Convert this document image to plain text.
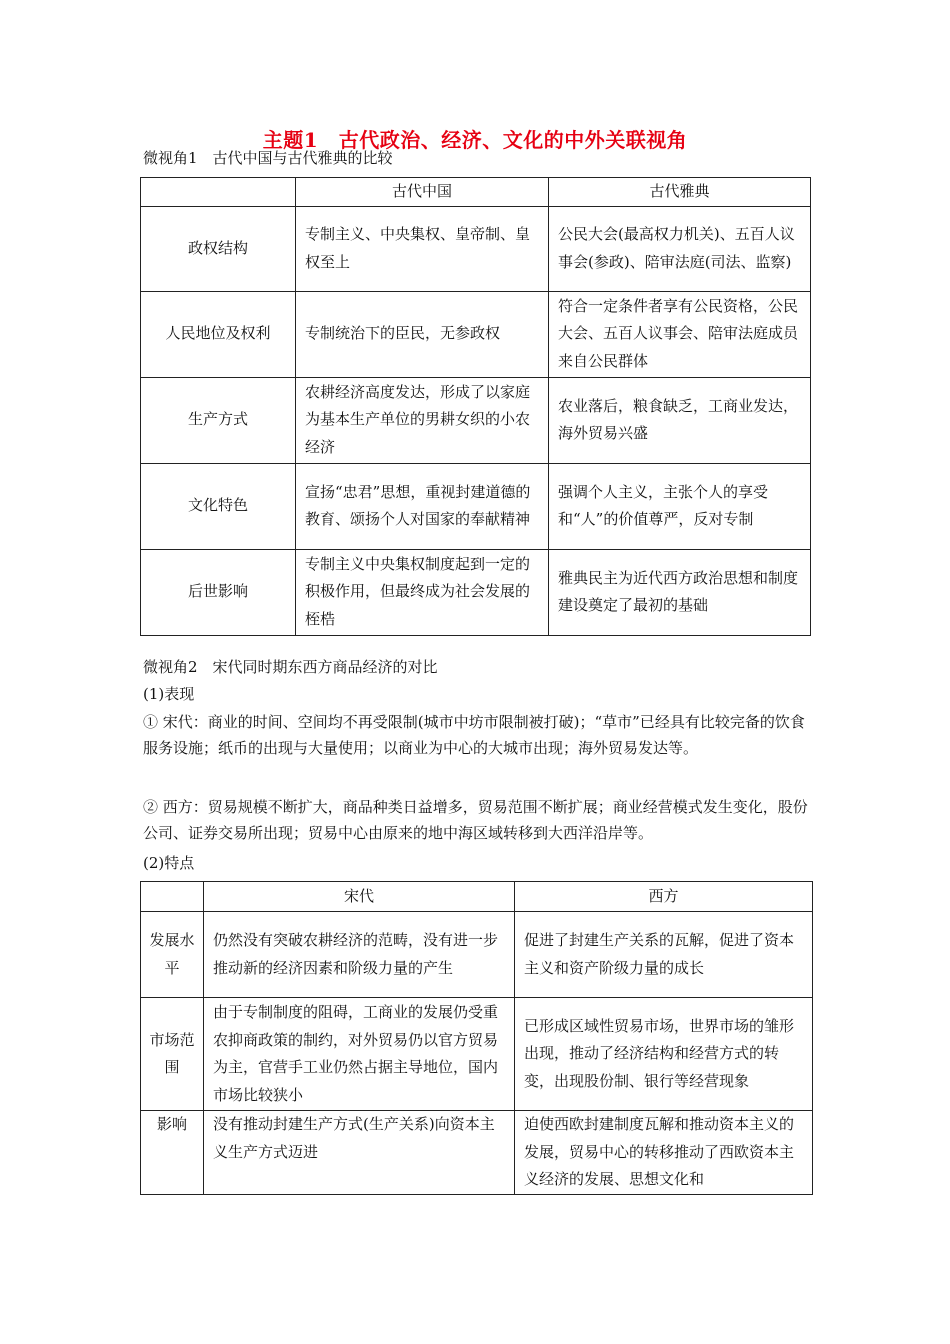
主题1　古代政治、经济、文化的中外关联视角
微视角1　古代中国与古代雅典的比较
	古代中国	古代雅典
政权结构	专制主义、中央集权、皇帝制、皇权至上	公民大会(最高权力机关)、五百人议事会(参政)、陪审法庭(司法、监察)
人民地位及权利	专制统治下的臣民，无参政权	符合一定条件者享有公民资格，公民大会、五百人议事会、陪审法庭成员来自公民群体
生产方式	农耕经济高度发达，形成了以家庭为基本生产单位的男耕女织的小农经济	农业落后，粮食缺乏，工商业发达，海外贸易兴盛
文化特色	宣扬“忠君”思想，重视封建道德的教育、颂扬个人对国家的奉献精神	强调个人主义，主张个人的享受和“人”的价值尊严，反对专制
后世影响	专制主义中央集权制度起到一定的积极作用，但最终成为社会发展的桎梏	雅典民主为近代西方政治思想和制度建设奠定了最初的基础
微视角2　宋代同时期东西方商品经济的对比
(1)表现
① 宋代：商业的时间、空间均不再受限制(城市中坊市限制被打破)；“草市”已经具有比较完备的饮食服务设施；纸币的出现与大量使用；以商业为中心的大城市出现；海外贸易发达等。
② 西方：贸易规模不断扩大，商品种类日益增多，贸易范围不断扩展；商业经营模式发生变化，股份公司、证券交易所出现；贸易中心由原来的地中海区域转移到大西洋沿岸等。
(2)特点
	宋代	西方
发展水平	仍然没有突破农耕经济的范畴，没有进一步推动新的经济因素和阶级力量的产生	促进了封建生产关系的瓦解，促进了资本主义和资产阶级力量的成长
市场范围	由于专制制度的阻碍，工商业的发展仍受重农抑商政策的制约，对外贸易仍以官方贸易为主，官营手工业仍然占据主导地位，国内市场比较狭小	已形成区域性贸易市场，世界市场的雏形出现，推动了经济结构和经营方式的转变，出现股份制、银行等经营现象
影响	没有推动封建生产方式(生产关系)向资本主义生产方式迈进	迫使西欧封建制度瓦解和推动资本主义的发展，贸易中心的转移推动了西欧资本主义经济的发展、思想文化和
